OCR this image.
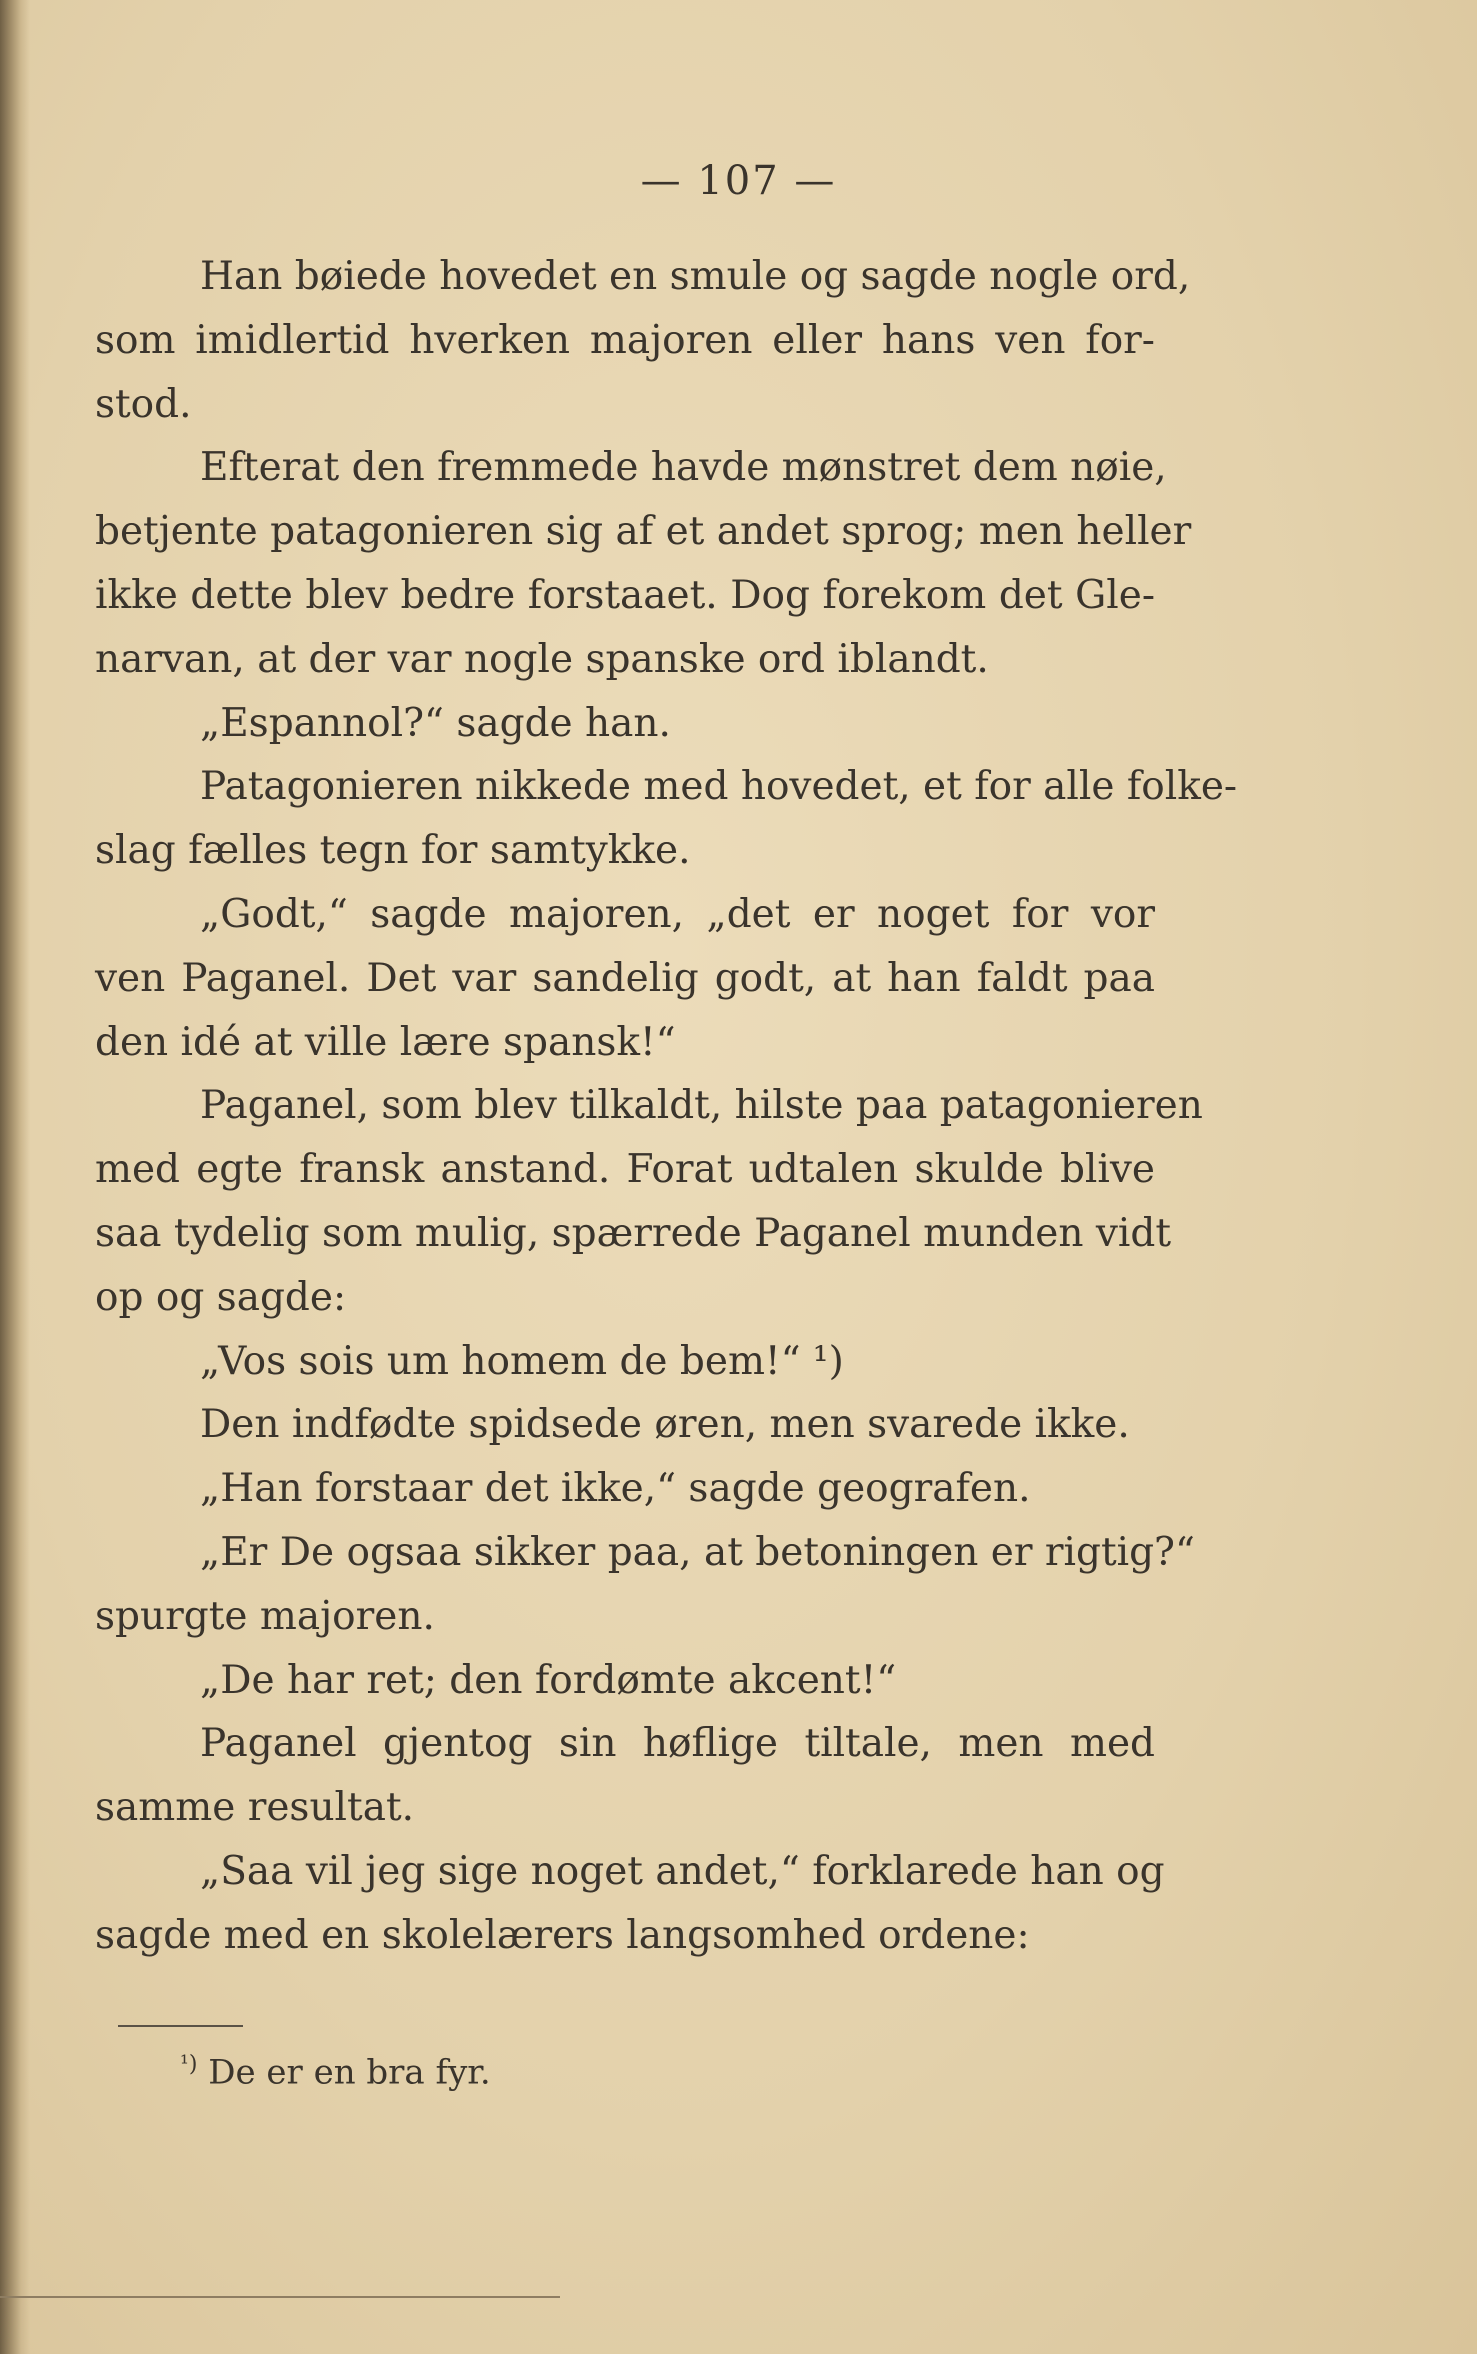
— 107 —
Han bøiede hovedet en smule og sagde nogle ord,
som imidlertid hverken majoren eller hans ven for-
stod.
Efterat den fremmede havde mønstret dem nøie,
betjente patagonieren sig af et andet sprog; men heller
ikke dette blev bedre forstaaet. Dog forekom det Gle-
narvan, at der var nogle spanske ord iblandt.
„Espannol?“ sagde han.
Patagonieren nikkede med hovedet, et for alle folke-
slag fælles tegn for samtykke.
„Godt,“ sagde majoren, „det er noget for vor
ven Paganel. Det var sandelig godt, at han faldt paa
den idé at ville lære spansk!“
Paganel, som blev tilkaldt, hilste paa patagonieren
med egte fransk anstand. Forat udtalen skulde blive
saa tydelig som mulig, spærrede Paganel munden vidt
op og sagde:
„Vos sois um homem de bem!“ ¹)
Den indfødte spidsede øren, men svarede ikke.
„Han forstaar det ikke,“ sagde geografen.
„Er De ogsaa sikker paa, at betoningen er rigtig?“
spurgte majoren.
„De har ret; den fordømte akcent!“
Paganel gjentog sin høflige tiltale, men med
samme resultat.
„Saa vil jeg sige noget andet,“ forklarede han og
sagde med en skolelærers langsomhed ordene:
$^{^1)}$ De er en bra fyr.
